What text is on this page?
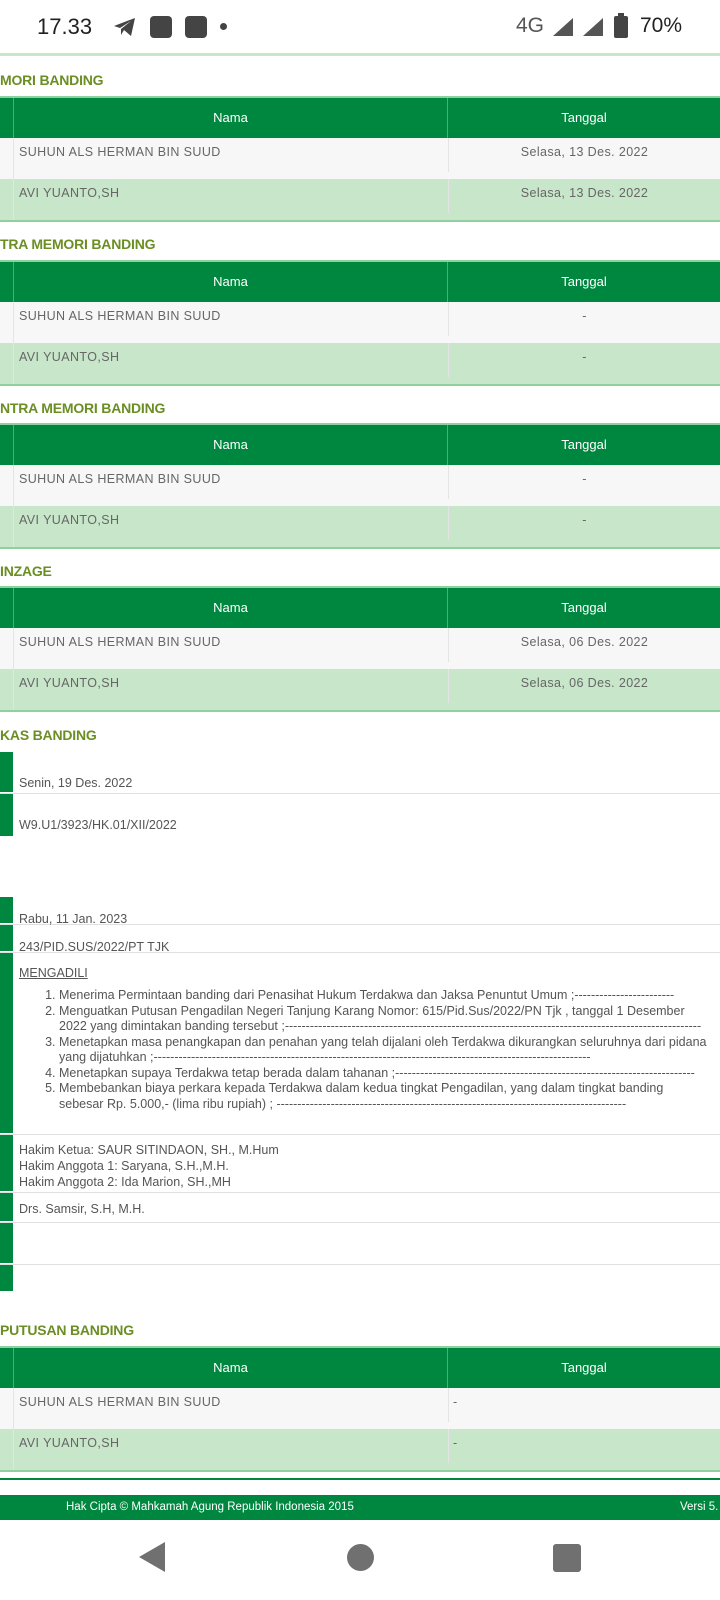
17.33	4G	70%
MORI BANDING
Nama	Tanggal
SUHUN ALS HERMAN BIN SUUD	Selasa, 13 Des. 2022
AVI YUANTO,SH	Selasa, 13 Des. 2022
TRA MEMORI BANDING
Nama	Tanggal
SUHUN ALS HERMAN BIN SUUD	-
AVI YUANTO,SH	-
NTRA MEMORI BANDING
Nama	Tanggal
SUHUN ALS HERMAN BIN SUUD	-
AVI YUANTO,SH	-
INZAGE
Nama	Tanggal
SUHUN ALS HERMAN BIN SUUD	Selasa, 06 Des. 2022
AVI YUANTO,SH	Selasa, 06 Des. 2022
KAS BANDING
Senin, 19 Des. 2022
W9.U1/3923/HK.01/XII/2022
Rabu, 11 Jan. 2023
243/PID.SUS/2022/PT TJK
MENGADILI
1. Menerima Permintaan banding dari Penasihat Hukum Terdakwa dan Jaksa Penuntut Umum ;------------------------
2. Menguatkan Putusan Pengadilan Negeri Tanjung Karang Nomor: 615/Pid.Sus/2022/PN Tjk , tanggal 1 Desember 2022 yang dimintakan banding tersebut ;----------------------------------------------------------------------------------------------------
3. Menetapkan masa penangkapan dan penahan yang telah dijalani oleh Terdakwa dikurangkan seluruhnya dari pidana yang dijatuhkan ;---------------------------------------------------------------------------------------------------------
4. Menetapkan supaya Terdakwa tetap berada dalam tahanan ;------------------------------------------------------------------------
5. Membebankan biaya perkara kepada Terdakwa dalam kedua tingkat Pengadilan, yang dalam tingkat banding sebesar Rp. 5.000,- (lima ribu rupiah) ; ------------------------------------------------------------------------------------
Hakim Ketua: SAUR SITINDAON, SH., M.Hum
Hakim Anggota 1: Saryana, S.H.,M.H.
Hakim Anggota 2: Ida Marion, SH.,MH
Drs. Samsir, S.H, M.H.
PUTUSAN BANDING
Nama	Tanggal
SUHUN ALS HERMAN BIN SUUD	-
AVI YUANTO,SH	-
Hak Cipta © Mahkamah Agung Republik Indonesia 2015	Versi 5.
